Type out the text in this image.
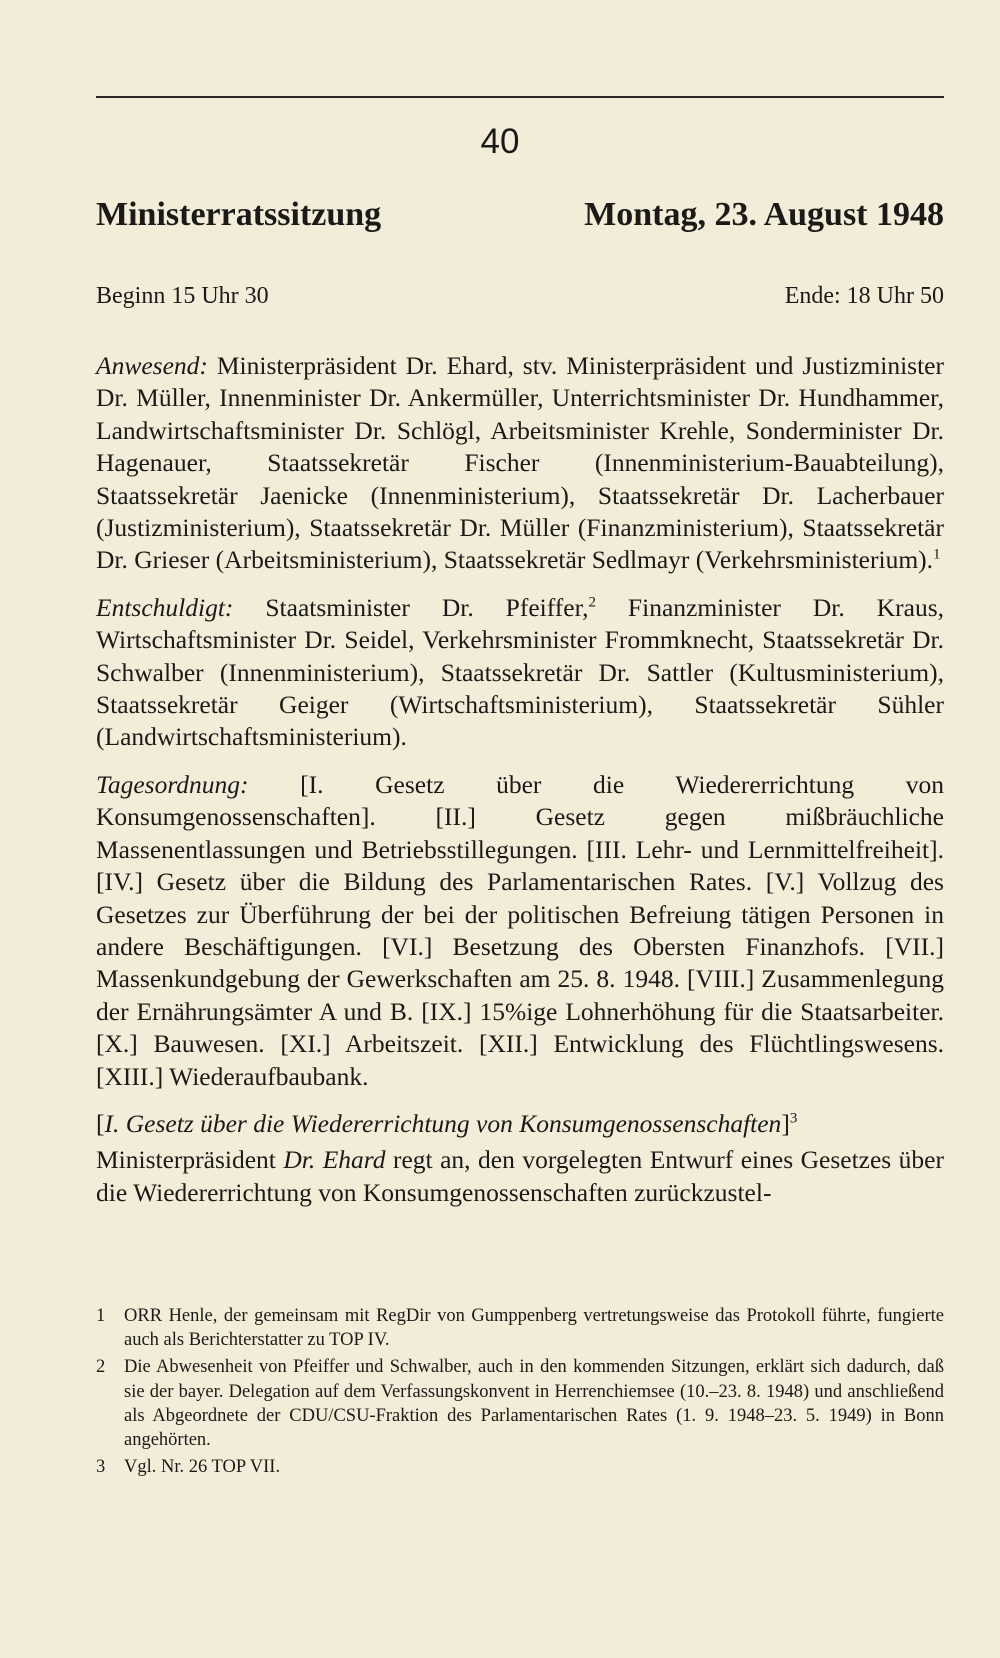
40
Ministerratssitzung	Montag, 23. August 1948
Beginn 15 Uhr 30	Ende: 18 Uhr 50

Anwesend: Ministerpräsident Dr. Ehard, stv. Ministerpräsident und Justizminister Dr. Müller, Innenminister Dr. Ankermüller, Unterrichtsminister Dr. Hundhammer, Landwirtschaftsminister Dr. Schlögl, Arbeitsminister Krehle, Sonderminister Dr. Hagenauer, Staatssekretär Fischer (Innenministerium-Bauabteilung), Staatssekretär Jaenicke (Innenministerium), Staatssekretär Dr. Lacherbauer (Justizministerium), Staatssekretär Dr. Müller (Finanzministerium), Staatssekretär Dr. Grieser (Arbeitsministerium), Staatssekretär Sedlmayr (Verkehrsministerium).$^1$

Entschuldigt: Staatsminister Dr. Pfeiffer,$^2$ Finanzminister Dr. Kraus, Wirtschaftsminister Dr. Seidel, Verkehrsminister Frommknecht, Staatssekretär Dr. Schwalber (Innenministerium), Staatssekretär Dr. Sattler (Kultusministerium), Staatssekretär Geiger (Wirtschaftsministerium), Staatssekretär Sühler (Landwirtschaftsministerium).

Tagesordnung: [I. Gesetz über die Wiedererrichtung von Konsumgenossenschaften]. [II.] Gesetz gegen mißbräuchliche Massenentlassungen und Betriebsstillegungen. [III. Lehr- und Lernmittelfreiheit]. [IV.] Gesetz über die Bildung des Parlamentarischen Rates. [V.] Vollzug des Gesetzes zur Überführung der bei der politischen Befreiung tätigen Personen in andere Beschäftigungen. [VI.] Besetzung des Obersten Finanzhofs. [VII.] Massenkundgebung der Gewerkschaften am 25. 8. 1948. [VIII.] Zusammenlegung der Ernährungsämter A und B. [IX.] 15%ige Lohnerhöhung für die Staatsarbeiter. [X.] Bauwesen. [XI.] Arbeitszeit. [XII.] Entwicklung des Flüchtlingswesens. [XIII.] Wiederaufbaubank.

[I. Gesetz über die Wiedererrichtung von Konsumgenossenschaften]$^3$

Ministerpräsident Dr. Ehard regt an, den vorgelegten Entwurf eines Gesetzes über die Wiedererrichtung von Konsumgenossenschaften zurückzustel-

1	ORR Henle, der gemeinsam mit RegDir von Gumppenberg vertretungsweise das Protokoll führte, fungierte auch als Berichterstatter zu TOP IV.
2	Die Abwesenheit von Pfeiffer und Schwalber, auch in den kommenden Sitzungen, erklärt sich dadurch, daß sie der bayer. Delegation auf dem Verfassungskonvent in Herrenchiemsee (10.–23. 8. 1948) und anschließend als Abgeordnete der CDU/CSU-Fraktion des Parlamentarischen Rates (1. 9. 1948–23. 5. 1949) in Bonn angehörten.
3	Vgl. Nr. 26 TOP VII.
